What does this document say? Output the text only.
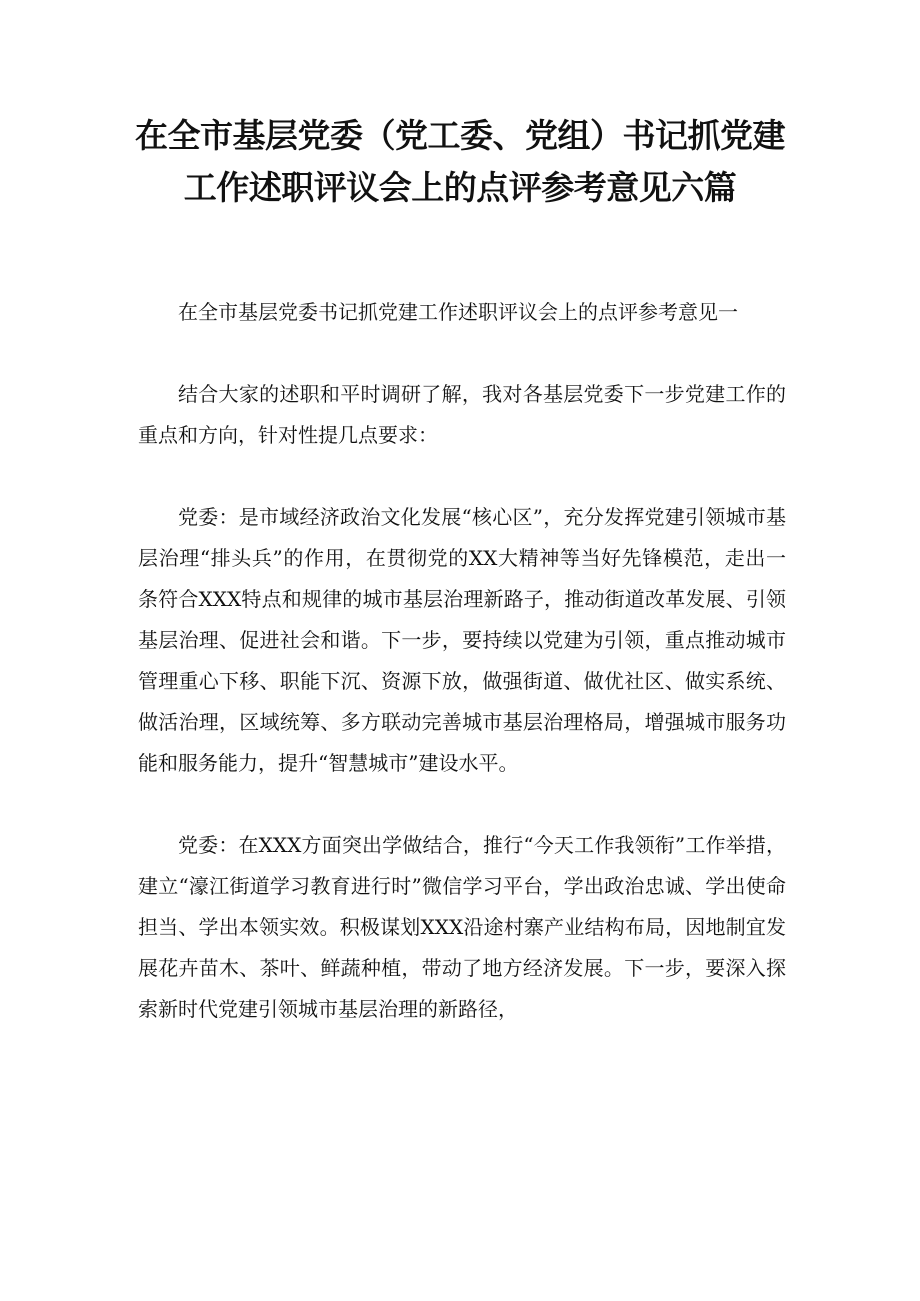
在全市基层党委（党工委、党组）书记抓党建
工作述职评议会上的点评参考意见六篇

在全市基层党委书记抓党建工作述职评议会上的点评参考意见一

结合大家的述职和平时调研了解，我对各基层党委下一步党建工作的重点和方向，针对性提几点要求：

党委：是市域经济政治文化发展“核心区”，充分发挥党建引领城市基层治理“排头兵”的作用，在贯彻党的XX大精神等当好先锋模范，走出一条符合XXX特点和规律的城市基层治理新路子，推动街道改革发展、引领基层治理、促进社会和谐。下一步，要持续以党建为引领，重点推动城市管理重心下移、职能下沉、资源下放，做强街道、做优社区、做实系统、做活治理，区域统筹、多方联动完善城市基层治理格局，增强城市服务功能和服务能力，提升“智慧城市”建设水平。

党委：在XXX方面突出学做结合，推行“今天工作我领衔”工作举措，建立“濠江街道学习教育进行时”微信学习平台，学出政治忠诚、学出使命担当、学出本领实效。积极谋划XXX沿途村寨产业结构布局，因地制宜发展花卉苗木、茶叶、鲜蔬种植，带动了地方经济发展。下一步，要深入探索新时代党建引领城市基层治理的新路径，
